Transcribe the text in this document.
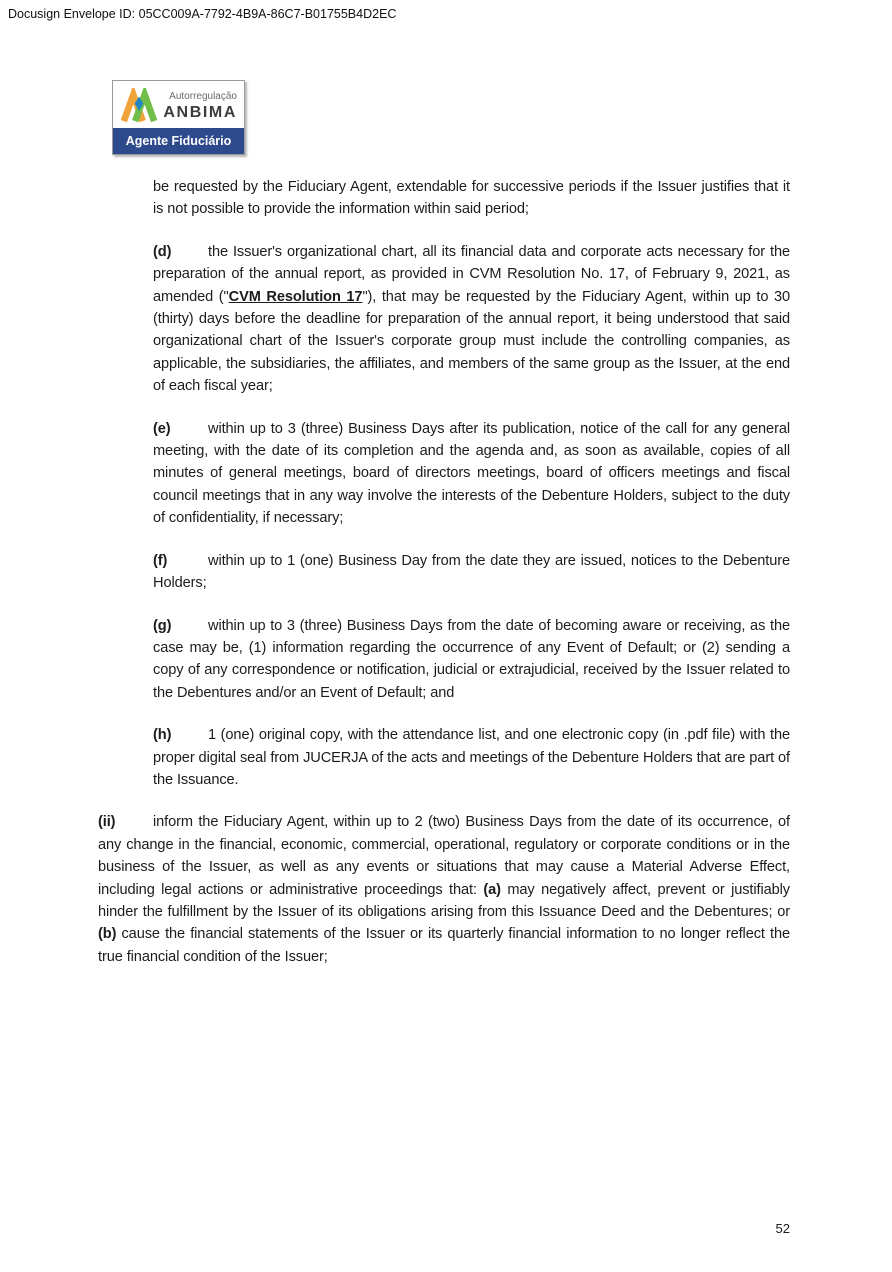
Docusign Envelope ID: 05CC009A-7792-4B9A-86C7-B01755B4D2EC
Autorregulação
ANBIMA
Agente Fiduciário

be requested by the Fiduciary Agent, extendable for successive periods if the Issuer justifies that it is not possible to provide the information within said period;

(d)	the Issuer's organizational chart, all its financial data and corporate acts necessary for the preparation of the annual report, as provided in CVM Resolution No. 17, of February 9, 2021, as amended ("CVM Resolution 17"), that may be requested by the Fiduciary Agent, within up to 30 (thirty) days before the deadline for preparation of the annual report, it being understood that said organizational chart of the Issuer's corporate group must include the controlling companies, as applicable, the subsidiaries, the affiliates, and members of the same group as the Issuer, at the end of each fiscal year;

(e)	within up to 3 (three) Business Days after its publication, notice of the call for any general meeting, with the date of its completion and the agenda and, as soon as available, copies of all minutes of general meetings, board of directors meetings, board of officers meetings and fiscal council meetings that in any way involve the interests of the Debenture Holders, subject to the duty of confidentiality, if necessary;

(f)	within up to 1 (one) Business Day from the date they are issued, notices to the Debenture Holders;

(g)	within up to 3 (three) Business Days from the date of becoming aware or receiving, as the case may be, (1) information regarding the occurrence of any Event of Default; or (2) sending a copy of any correspondence or notification, judicial or extrajudicial, received by the Issuer related to the Debentures and/or an Event of Default; and

(h)	1 (one) original copy, with the attendance list, and one electronic copy (in .pdf file) with the proper digital seal from JUCERJA of the acts and meetings of the Debenture Holders that are part of the Issuance.

(ii)	inform the Fiduciary Agent, within up to 2 (two) Business Days from the date of its occurrence, of any change in the financial, economic, commercial, operational, regulatory or corporate conditions or in the business of the Issuer, as well as any events or situations that may cause a Material Adverse Effect, including legal actions or administrative proceedings that: (a) may negatively affect, prevent or justifiably hinder the fulfillment by the Issuer of its obligations arising from this Issuance Deed and the Debentures; or (b) cause the financial statements of the Issuer or its quarterly financial information to no longer reflect the true financial condition of the Issuer;

52
